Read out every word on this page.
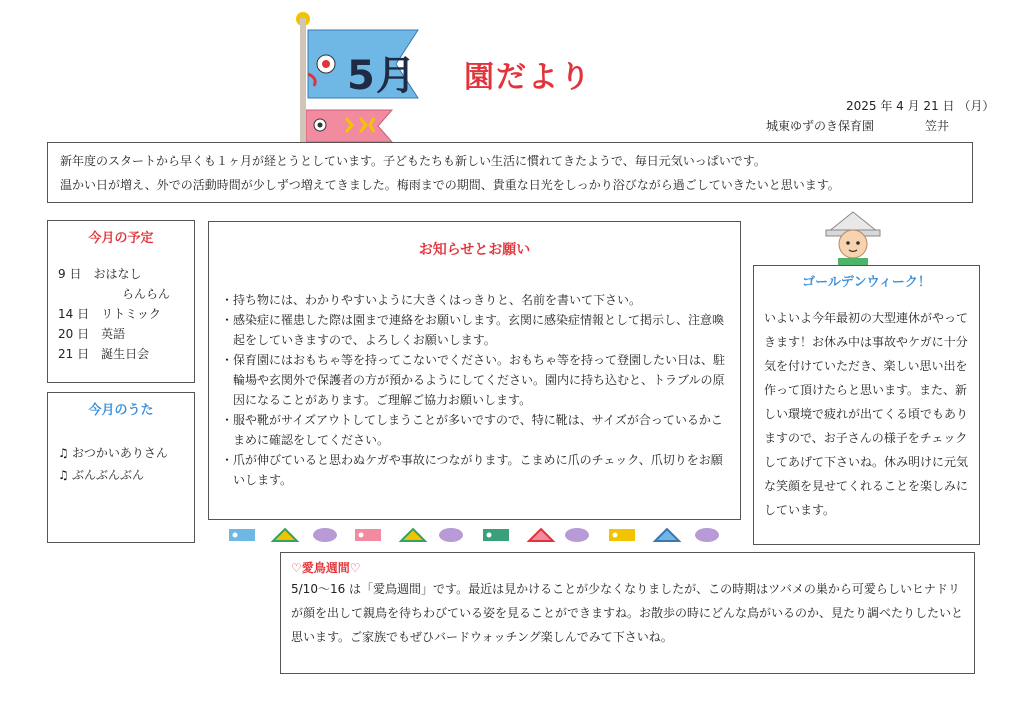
5月 園だより
2025 年 4 月 21 日 （月）
城東ゆずのき保育園	笠井
新年度のスタートから早くも１ヶ月が経とうとしています。子どもたちも新しい生活に慣れてきたようで、毎日元気いっぱいです。
温かい日が増え、外での活動時間が少しずつ増えてきました。梅雨までの期間、貴重な日光をしっかり浴びながら過ごしていきたいと思います。
今月の予定
9 日　おはなし
らんらん
14 日　リトミック
20 日　英語
21 日　誕生日会
今月のうた
♫ おつかいありさん
♫ ぶんぶんぶん
お知らせとお願い
・持ち物には、わかりやすいように大きくはっきりと、名前を書いて下さい。
・感染症に罹患した際は園まで連絡をお願いします。玄関に感染症情報として掲示し、注意喚起をしていきますので、よろしくお願いします。
・保育園にはおもちゃ等を持ってこないでください。おもちゃ等を持って登園したい日は、駐輪場や玄関外で保護者の方が預かるようにしてください。園内に持ち込むと、トラブルの原因になることがあります。ご理解ご協力お願いします。
・服や靴がサイズアウトしてしまうことが多いですので、特に靴は、サイズが合っているかこまめに確認をしてください。
・爪が伸びていると思わぬケガや事故につながります。こまめに爪のチェック、爪切りをお願いします。
ゴールデンウィーク！
いよいよ今年最初の大型連休がやってきます！お休み中は事故やケガに十分気を付けていただき、楽しい思い出を作って頂けたらと思います。また、新しい環境で疲れが出てくる頃でもありますので、お子さんの様子をチェックしてあげて下さいね。休み明けに元気な笑顔を見せてくれることを楽しみにしています。
♡愛鳥週間♡
5/10～16 は「愛鳥週間」です。最近は見かけることが少なくなりましたが、この時期はツバメの巣から可愛らしいヒナドリが顔を出して親鳥を待ちわびている姿を見ることができますね。お散歩の時にどんな鳥がいるのか、見たり調べたりしたいと思います。ご家族でもぜひバードウォッチング楽しんでみて下さいね。
